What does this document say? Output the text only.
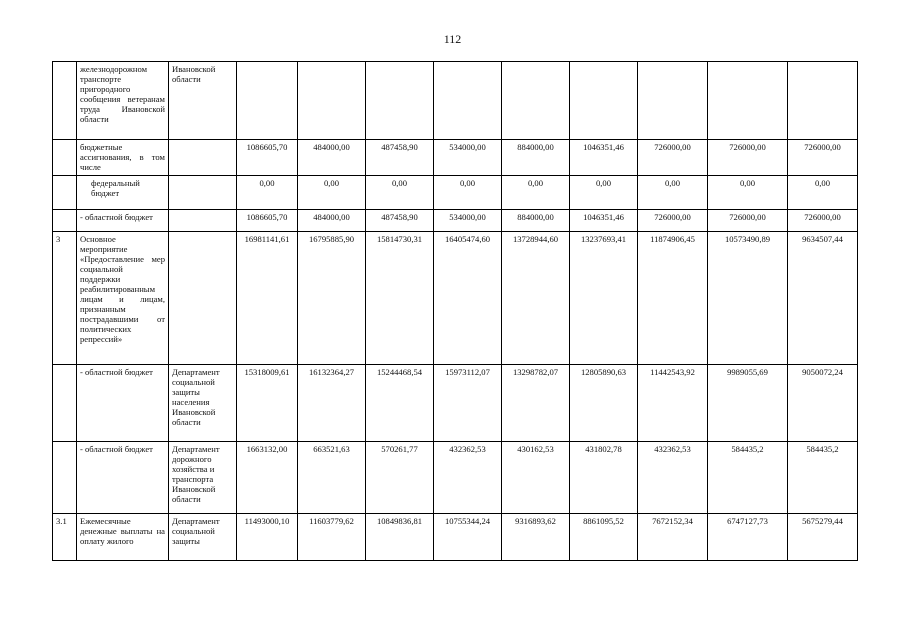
112
	железнодорожном транспорте пригородного сообщения ветеранам труда Ивановской области	Ивановской области									
	бюджетные ассигнования, в том числе		1086605,70	484000,00	487458,90	534000,00	884000,00	1046351,46	726000,00	726000,00	726000,00
	федеральный бюджет		0,00	0,00	0,00	0,00	0,00	0,00	0,00	0,00	0,00
	- областной бюджет		1086605,70	484000,00	487458,90	534000,00	884000,00	1046351,46	726000,00	726000,00	726000,00
3	Основное мероприятие «Предоставление мер социальной поддержки реабилитированным лицам и лицам, признанным пострадавшими от политических репрессий»		16981141,61	16795885,90	15814730,31	16405474,60	13728944,60	13237693,41	11874906,45	10573490,89	9634507,44
	- областной бюджет	Департамент социальной защиты населения Ивановской области	15318009,61	16132364,27	15244468,54	15973112,07	13298782,07	12805890,63	11442543,92	9989055,69	9050072,24
	- областной бюджет	Департамент дорожного хозяйства и транспорта Ивановской области	1663132,00	663521,63	570261,77	432362,53	430162,53	431802,78	432362,53	584435,2	584435,2
3.1	Ежемесячные денежные выплаты на оплату жилого	Департамент социальной защиты	11493000,10	11603779,62	10849836,81	10755344,24	9316893,62	8861095,52	7672152,34	6747127,73	5675279,44
